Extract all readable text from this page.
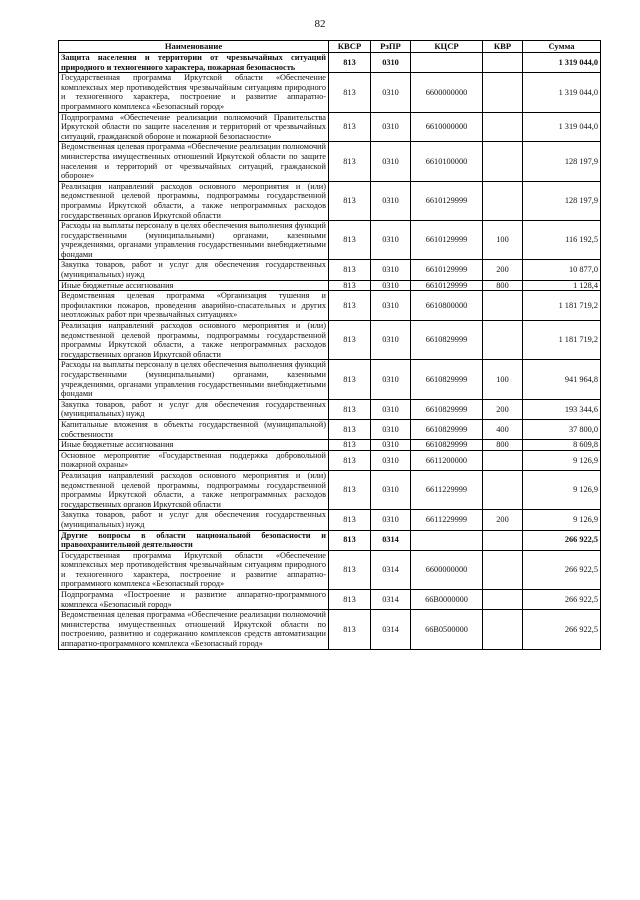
82
Наименование	КВСР	РзПР	КЦСР	КВР	Сумма
Защита населения и территории от чрезвычайных ситуаций природного и техногенного характера, пожарная безопасность	813	0310			1 319 044,0
Государственная программа Иркутской области «Обеспечение комплексных мер противодействия чрезвычайным ситуациям природного и техногенного характера, построение и развитие аппаратно-программного комплекса «Безопасный город»	813	0310	6600000000		1 319 044,0
Подпрограмма «Обеспечение реализации полномочий Правительства Иркутской области по защите населения и территорий от чрезвычайных ситуаций, гражданской обороне и пожарной безопасности»	813	0310	6610000000		1 319 044,0
Ведомственная целевая программа «Обеспечение реализации полномочий министерства имущественных отношений Иркутской области по защите населения и территорий от чрезвычайных ситуаций, гражданской обороне»	813	0310	6610100000		128 197,9
Реализация направлений расходов основного мероприятия и (или) ведомственной целевой программы, подпрограммы государственной программы Иркутской области, а также непрограммных расходов государственных органов Иркутской области	813	0310	6610129999		128 197,9
Расходы на выплаты персоналу в целях обеспечения выполнения функций государственными (муниципальными) органами, казенными учреждениями, органами управления государственными внебюджетными фондами	813	0310	6610129999	100	116 192,5
Закупка товаров, работ и услуг для обеспечения государственных (муниципальных) нужд	813	0310	6610129999	200	10 877,0
Иные бюджетные ассигнования	813	0310	6610129999	800	1 128,4
Ведомственная целевая программа «Организация тушения и профилактики пожаров, проведения аварийно-спасательных и других неотложных работ при чрезвычайных ситуациях»	813	0310	6610800000		1 181 719,2
Реализация направлений расходов основного мероприятия и (или) ведомственной целевой программы, подпрограммы государственной программы Иркутской области, а также непрограммных расходов государственных органов Иркутской области	813	0310	6610829999		1 181 719,2
Расходы на выплаты персоналу в целях обеспечения выполнения функций государственными (муниципальными) органами, казенными учреждениями, органами управления государственными внебюджетными фондами	813	0310	6610829999	100	941 964,8
Закупка товаров, работ и услуг для обеспечения государственных (муниципальных) нужд	813	0310	6610829999	200	193 344,6
Капитальные вложения в объекты государственной (муниципальной) собственности	813	0310	6610829999	400	37 800,0
Иные бюджетные ассигнования	813	0310	6610829999	800	8 609,8
Основное мероприятие «Государственная поддержка добровольной пожарной охраны»	813	0310	6611200000		9 126,9
Реализация направлений расходов основного мероприятия и (или) ведомственной целевой программы, подпрограммы государственной программы Иркутской области, а также непрограммных расходов государственных органов Иркутской области	813	0310	6611229999		9 126,9
Закупка товаров, работ и услуг для обеспечения государственных (муниципальных) нужд	813	0310	6611229999	200	9 126,9
Другие вопросы в области национальной безопасности и правоохранительной деятельности	813	0314			266 922,5
Государственная программа Иркутской области «Обеспечение комплексных мер противодействия чрезвычайным ситуациям природного и техногенного характера, построение и развитие аппаратно-программного комплекса «Безопасный город»	813	0314	6600000000		266 922,5
Подпрограмма «Построение и развитие аппаратно-программного комплекса «Безопасный город»	813	0314	66В0000000		266 922,5
Ведомственная целевая программа «Обеспечение реализации полномочий министерства имущественных отношений Иркутской области по построению, развитию и содержанию комплексов средств автоматизации аппаратно-программного комплекса «Безопасный город»	813	0314	66В0500000		266 922,5
